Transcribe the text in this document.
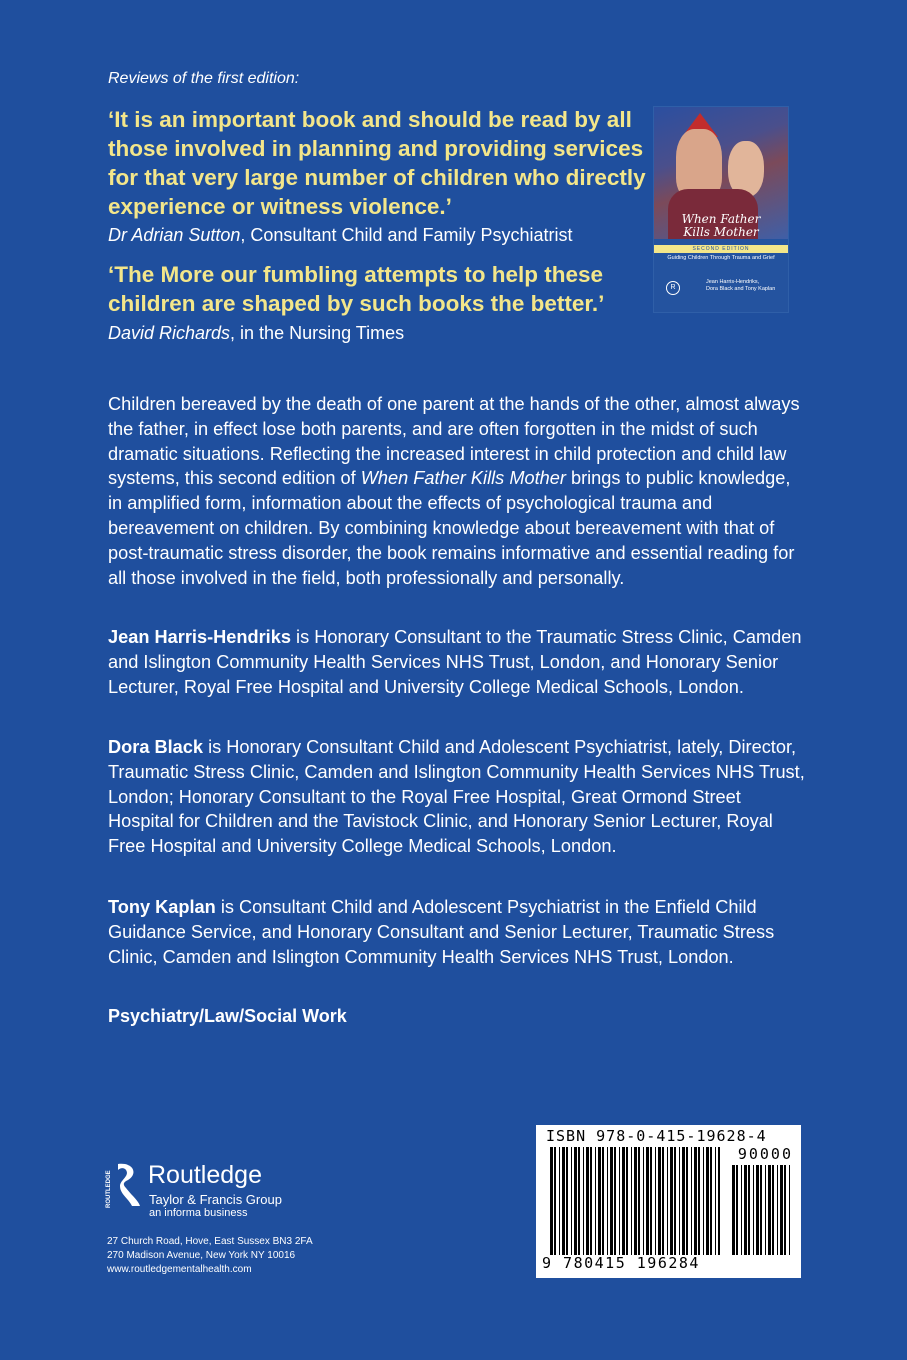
Reviews of the first edition:
‘It is an important book and should be read by all those involved in planning and providing services for that very large number of children who directly experience or witness violence.’
Dr Adrian Sutton, Consultant Child and Family Psychiatrist
‘The More our fumbling attempts to help these children are shaped by such books the better.’
David Richards, in the Nursing Times
When Father
Kills Mother
SECOND EDITION
Guiding Children Through Trauma and Grief
R
Jean Harris-Hendriks,
Dora Black and Tony Kaplan
Children bereaved by the death of one parent at the hands of the other, almost always the father, in effect lose both parents, and are often forgotten in the midst of such dramatic situations. Reflecting the increased interest in child protection and child law systems, this second edition of When Father Kills Mother brings to public knowledge, in amplified form, information about the effects of psychological trauma and bereavement on children. By combining knowledge about bereavement with that of post-traumatic stress disorder, the book remains informative and essential reading for all those involved in the field, both professionally and personally.
Jean Harris-Hendriks is Honorary Consultant to the Traumatic Stress Clinic, Camden and Islington Community Health Services NHS Trust, London, and Honorary Senior Lecturer, Royal Free Hospital and University College Medical Schools, London.
Dora Black is Honorary Consultant Child and Adolescent Psychiatrist, lately, Director, Traumatic Stress Clinic, Camden and Islington Community Health Services NHS Trust, London; Honorary Consultant to the Royal Free Hospital, Great Ormond Street Hospital for Children and the Tavistock Clinic, and Honorary Senior Lecturer, Royal Free Hospital and University College Medical Schools, London.
Tony Kaplan is Consultant Child and Adolescent Psychiatrist in the Enfield Child Guidance Service, and Honorary Consultant and Senior Lecturer, Traumatic Stress Clinic, Camden and Islington Community Health Services NHS Trust, London.
Psychiatry/Law/Social Work
ROUTLEDGE Routledge
Taylor & Francis Group
an informa business
27 Church Road, Hove, East Sussex BN3 2FA
270 Madison Avenue, New York NY 10016
www.routledgementalhealth.com
ISBN 978-0-415-19628-4
90000
9 780415 196284
